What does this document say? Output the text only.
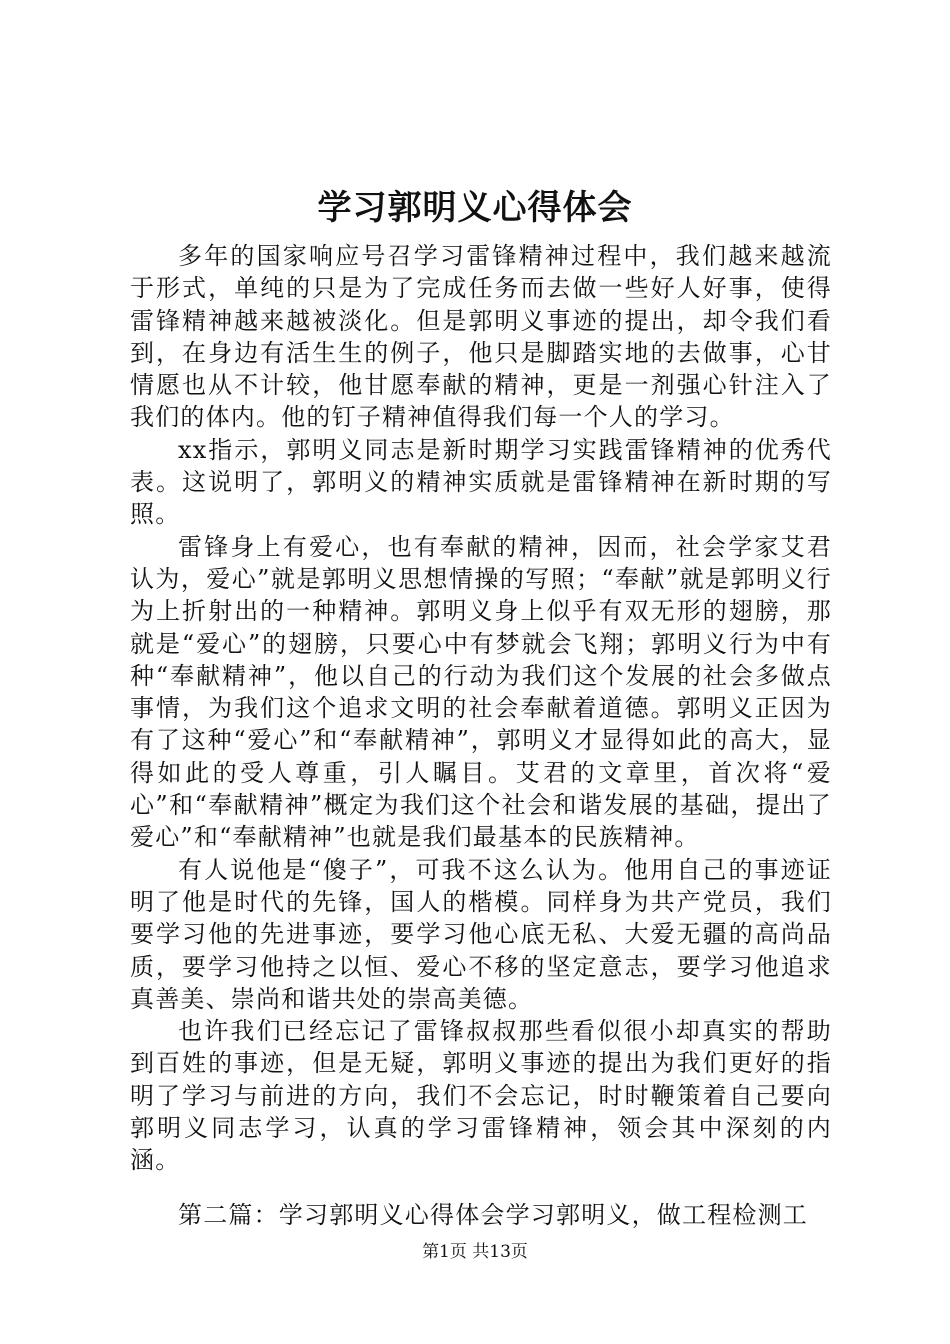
学习郭明义心得体会

多年的国家响应号召学习雷锋精神过程中，我们越来越流于形式，单纯的只是为了完成任务而去做一些好人好事，使得雷锋精神越来越被淡化。但是郭明义事迹的提出，却令我们看到，在身边有活生生的例子，他只是脚踏实地的去做事，心甘情愿也从不计较，他甘愿奉献的精神，更是一剂强心针注入了我们的体内。他的钉子精神值得我们每一个人的学习。

xx指示，郭明义同志是新时期学习实践雷锋精神的优秀代表。这说明了，郭明义的精神实质就是雷锋精神在新时期的写照。

雷锋身上有爱心，也有奉献的精神，因而，社会学家艾君认为，爱心”就是郭明义思想情操的写照；“奉献”就是郭明义行为上折射出的一种精神。郭明义身上似乎有双无形的翅膀，那就是“爱心”的翅膀，只要心中有梦就会飞翔；郭明义行为中有种“奉献精神”，他以自己的行动为我们这个发展的社会多做点事情，为我们这个追求文明的社会奉献着道德。郭明义正因为有了这种“爱心”和“奉献精神”，郭明义才显得如此的高大，显得如此的受人尊重，引人瞩目。艾君的文章里，首次将“爱心”和“奉献精神”概定为我们这个社会和谐发展的基础，提出了爱心”和“奉献精神”也就是我们最基本的民族精神。

有人说他是“傻子”，可我不这么认为。他用自己的事迹证明了他是时代的先锋，国人的楷模。同样身为共产党员，我们要学习他的先进事迹，要学习他心底无私、大爱无疆的高尚品质，要学习他持之以恒、爱心不移的坚定意志，要学习他追求真善美、崇尚和谐共处的崇高美德。

也许我们已经忘记了雷锋叔叔那些看似很小却真实的帮助到百姓的事迹，但是无疑，郭明义事迹的提出为我们更好的指明了学习与前进的方向，我们不会忘记，时时鞭策着自己要向郭明义同志学习，认真的学习雷锋精神，领会其中深刻的内涵。

第二篇：学习郭明义心得体会学习郭明义，做工程检测工

第1页 共13页
